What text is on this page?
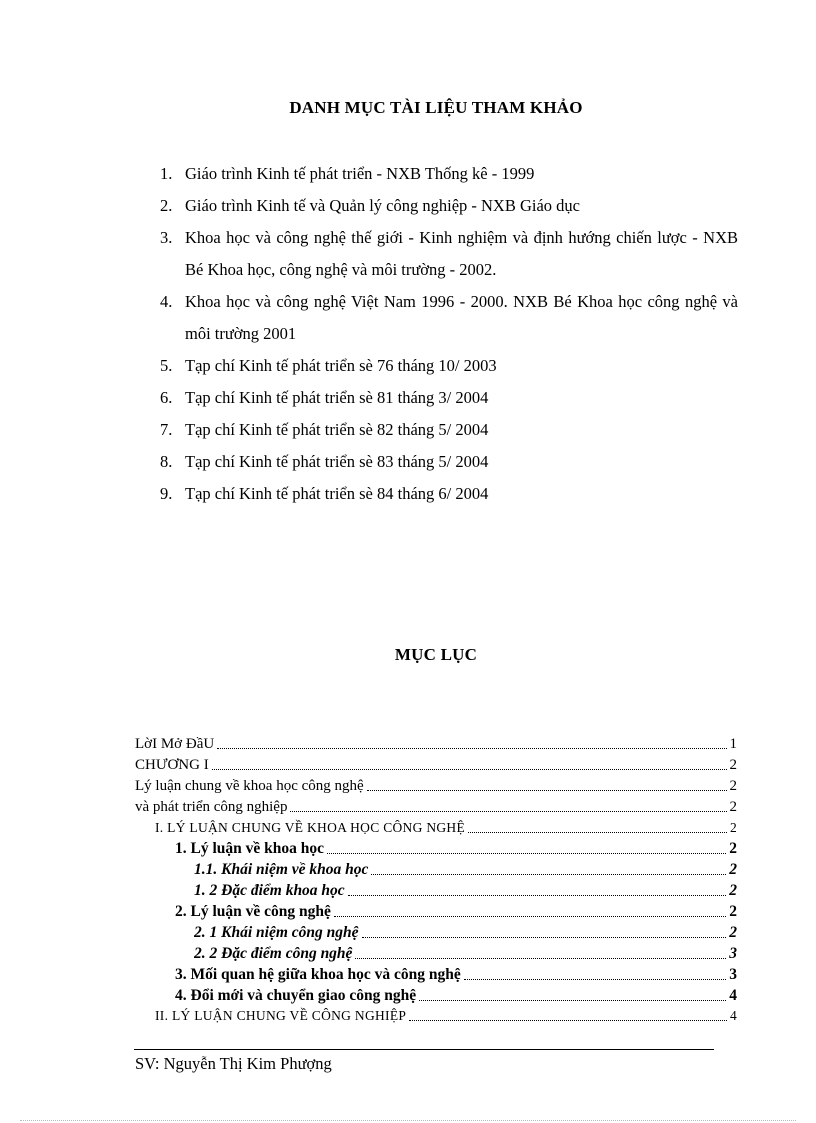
DANH MỤC TÀI LIỆU THAM KHẢO
1. Giáo trình Kinh tế phát triển - NXB Thống kê - 1999
2. Giáo trình Kinh tế và Quản lý công nghiệp - NXB Giáo dục
3. Khoa học và công nghệ thế giới - Kinh nghiệm và định hướng chiến lược - NXB Bé Khoa học, công nghệ và môi trường - 2002.
4. Khoa học và công nghệ Việt Nam 1996 - 2000. NXB Bé Khoa học công nghệ và môi trường 2001
5. Tạp chí Kinh tế phát triển sè 76 tháng 10/ 2003
6. Tạp chí Kinh tế phát triển sè 81 tháng 3/ 2004
7. Tạp chí Kinh tế phát triển sè 82 tháng 5/ 2004
8. Tạp chí Kinh tế phát triển sè 83 tháng 5/ 2004
9. Tạp chí Kinh tế phát triển sè 84 tháng 6/ 2004
MỤC LỤC
LờI Mở ĐầU	1
CHƯƠNG I	2
Lý luận chung về khoa học công nghệ	2
và phát triển công nghiệp	2
I. LÝ LUẬN CHUNG VỀ KHOA HỌC CÔNG NGHỆ	2
1. Lý luận về khoa học	2
1.1. Khái niệm về khoa học	2
1. 2 Đặc điểm khoa học	2
2. Lý luận về công nghệ	2
2. 1 Khái niệm công nghệ	2
2. 2 Đặc điểm công nghệ	3
3. Mối quan hệ giữa khoa học và công nghệ	3
4. Đổi mới và chuyển giao công nghệ	4
II. LÝ LUẬN CHUNG VỀ CÔNG NGHIỆP	4
SV: Nguyễn Thị Kim Phượng
